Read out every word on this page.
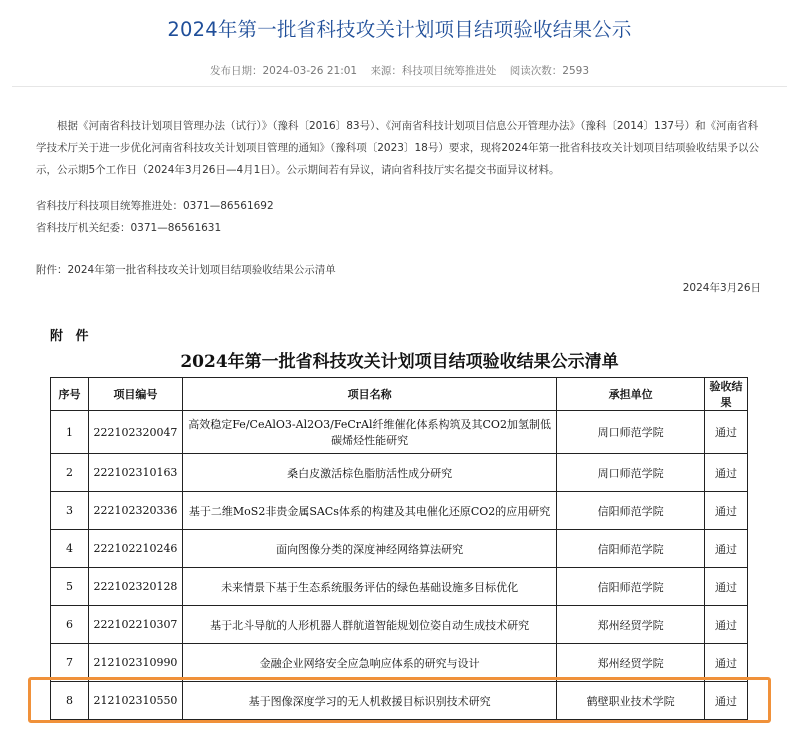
2024年第一批省科技攻关计划项目结项验收结果公示
发布日期：2024-03-26 21:01 来源：科技项目统筹推进处 阅读次数：2593
根据《河南省科技计划项目管理办法（试行）》（豫科〔2016〕83号）、《河南省科技计划项目信息公开管理办法》（豫科〔2014〕137号）和《河南省科学技术厅关于进一步优化河南省科技攻关计划项目管理的通知》（豫科项〔2023〕18号）要求，现将2024年第一批省科技攻关计划项目结项验收结果予以公示，公示期5个工作日（2024年3月26日—4月1日）。公示期间若有异议，请向省科技厅实名提交书面异议材料。
省科技厅科技项目统筹推进处：0371—86561692
省科技厅机关纪委：0371—86561631
附件：2024年第一批省科技攻关计划项目结项验收结果公示清单
2024年3月26日
附 件
2024年第一批省科技攻关计划项目结项验收结果公示清单
序号	项目编号	项目名称	承担单位	验收结果
1	222102320047	高效稳定Fe/CeAlO3-Al2O3/FeCrAl纤维催化体系构筑及其CO2加氢制低碳烯烃性能研究	周口师范学院	通过
2	222102310163	桑白皮激活棕色脂肪活性成分研究	周口师范学院	通过
3	222102320336	基于二维MoS2非贵金属SACs体系的构建及其电催化还原CO2的应用研究	信阳师范学院	通过
4	222102210246	面向图像分类的深度神经网络算法研究	信阳师范学院	通过
5	222102320128	未来情景下基于生态系统服务评估的绿色基础设施多目标优化	信阳师范学院	通过
6	222102210307	基于北斗导航的人形机器人群航道智能规划位姿自动生成技术研究	郑州经贸学院	通过
7	212102310990	金融企业网络安全应急响应体系的研究与设计	郑州经贸学院	通过
8	212102310550	基于图像深度学习的无人机救援目标识别技术研究	鹤壁职业技术学院	通过
